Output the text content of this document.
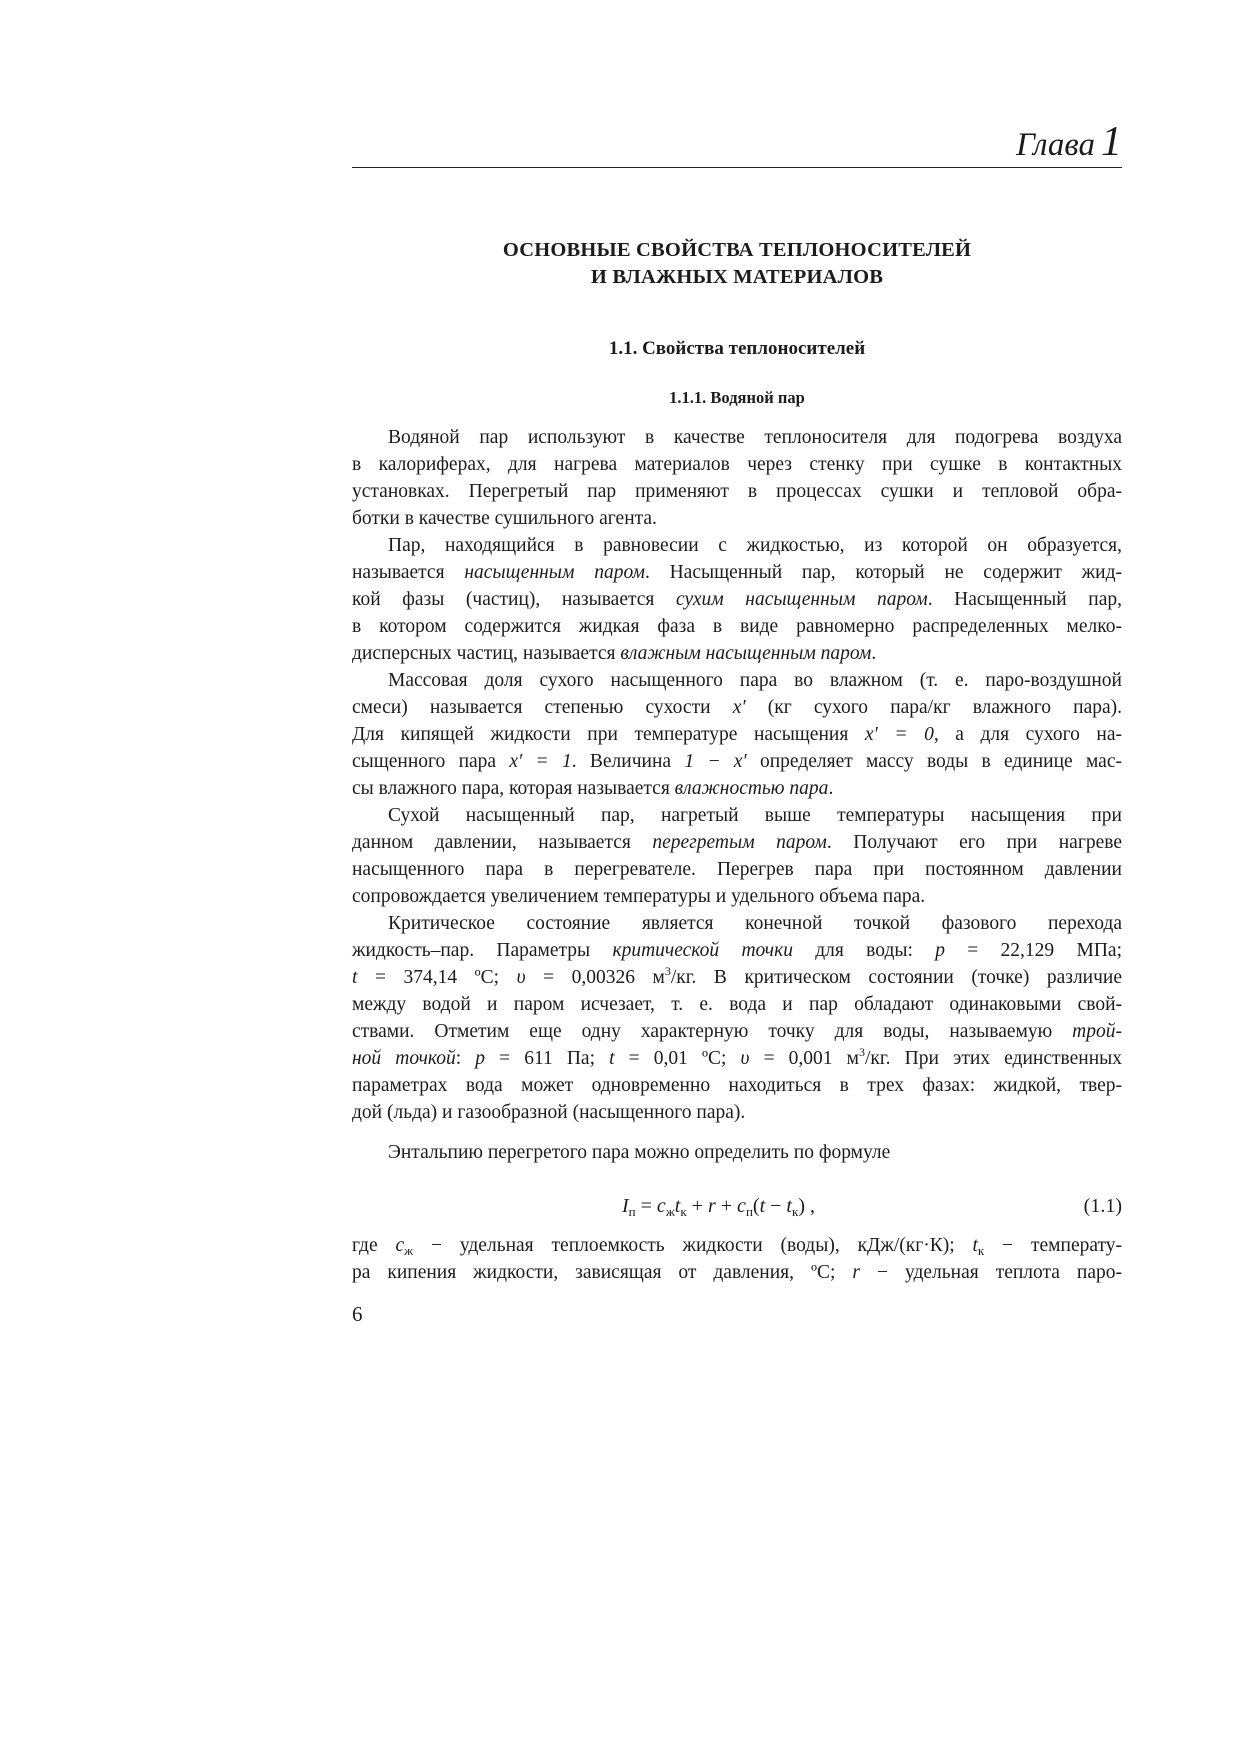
Глава 1
ОСНОВНЫЕ СВОЙСТВА ТЕПЛОНОСИТЕЛЕЙ
И ВЛАЖНЫХ МАТЕРИАЛОВ
1.1. Свойства теплоносителей
1.1.1. Водяной пар
Водяной пар используют в качестве теплоносителя для подогрева воздуха
в калориферах, для нагрева материалов через стенку при сушке в контактных
установках. Перегретый пар применяют в процессах сушки и тепловой обра-
ботки в качестве сушильного агента.
Пар, находящийся в равновесии с жидкостью, из которой он образуется,
называется насыщенным паром. Насыщенный пар, который не содержит жид-
кой фазы (частиц), называется сухим насыщенным паром. Насыщенный пар,
в котором содержится жидкая фаза в виде равномерно распределенных мелко-
дисперсных частиц, называется влажным насыщенным паром.
Массовая доля сухого насыщенного пара во влажном (т. е. паро-воздушной
смеси) называется степенью сухости x′ (кг сухого пара/кг влажного пара).
Для кипящей жидкости при температуре насыщения x′ = 0, а для сухого на-
сыщенного пара x′ = 1. Величина 1 − x′ определяет массу воды в единице мас-
сы влажного пара, которая называется влажностью пара.
Сухой насыщенный пар, нагретый выше температуры насыщения при
данном давлении, называется перегретым паром. Получают его при нагреве
насыщенного пара в перегревателе. Перегрев пара при постоянном давлении
сопровождается увеличением температуры и удельного объема пара.
Критическое состояние является конечной точкой фазового перехода
жидкость–пар. Параметры критической точки для воды: p = 22,129 МПа;
t = 374,14 ºC; υ = 0,00326 $м^3/кг$. В критическом состоянии (точке) различие
между водой и паром исчезает, т. е. вода и пар обладают одинаковыми свой-
ствами. Отметим еще одну характерную точку для воды, называемую трой-
ной точкой: p = 611 Па; t = 0,01 ºC; υ = 0,001 $м^3/кг$. При этих единственных
параметрах вода может одновременно находиться в трех фазах: жидкой, твер-
дой (льда) и газообразной (насыщенного пара).
Энтальпию перегретого пара можно определить по формуле
$I_п = c_жt_к + r + c_п(t - t_к)$ ,	(1.1)
где $c_ж$ − удельная теплоемкость жидкости (воды), кДж/(кг·К); $t_к$ − температу-
ра кипения жидкости, зависящая от давления, ºC; r − удельная теплота паро-
6
